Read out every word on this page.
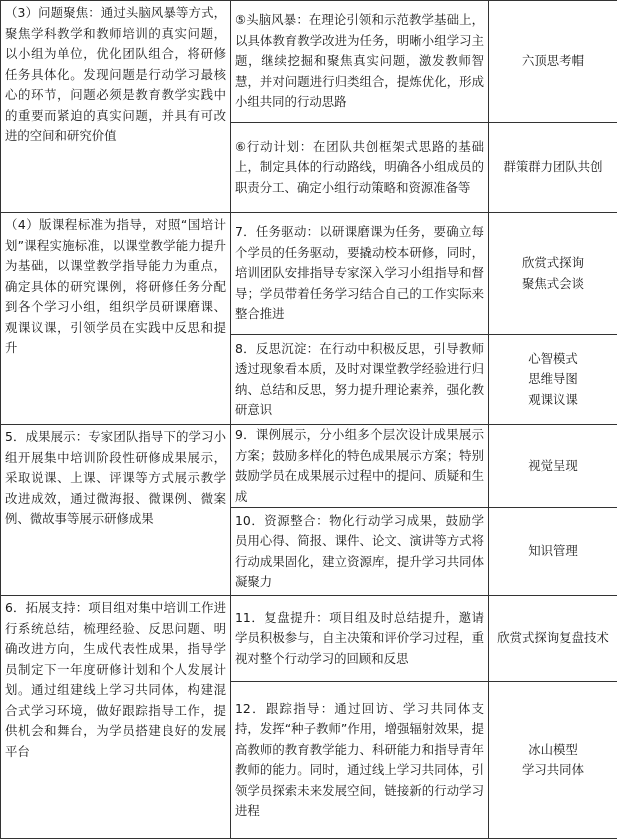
（3）问题聚焦：通过头脑风暴等方式，聚焦学科教学和教师培训的真实问题，以小组为单位，优化团队组合，将研修任务具体化。发现问题是行动学习最核心的环节，问题必须是教育教学实践中的重要而紧迫的真实问题，并具有可改进的空间和研究价值	⑤头脑风暴：在理论引领和示范教学基础上，以具体教育教学改进为任务，明晰小组学习主题，继续挖掘和聚焦真实问题，激发教师智慧，并对问题进行归类组合，提炼优化，形成小组共同的行动思路	六顶思考帽

	⑥行动计划：在团队共创框架式思路的基础上，制定具体的行动路线，明确各小组成员的职责分工、确定小组行动策略和资源准备等	群策群力团队共创

（4）版课程标准为指导，对照“国培计划”课程实施标准，以课堂教学能力提升为基础，以课堂教学指导能力为重点，确定具体的研究课例，将研修任务分配到各个学习小组，组织学员研课磨课、观课议课，引领学员在实践中反思和提升	7．任务驱动：以研课磨课为任务，要确立每个学员的任务驱动，要撬动校本研修，同时，培训团队安排指导专家深入学习小组指导和督导；学员带着任务学习结合自己的工作实际来整合推进	欣赏式探询
聚焦式会谈

	8．反思沉淀：在行动中积极反思，引导教师透过现象看本质，及时对课堂教学经验进行归纳、总结和反思，努力提升理论素养，强化教研意识	心智模式
思维导图
观课议课

5．成果展示：专家团队指导下的学习小组开展集中培训阶段性研修成果展示，采取说课、上课、评课等方式展示教学改进成效，通过微海报、微课例、微案例、微故事等展示研修成果	9．课例展示，分小组多个层次设计成果展示方案；鼓励多样化的特色成果展示方案；特别鼓励学员在成果展示过程中的提问、质疑和生成	视觉呈现

	10．资源整合：物化行动学习成果，鼓励学员用心得、简报、课件、论文、演讲等方式将行动成果固化，建立资源库，提升学习共同体凝聚力	知识管理

6．拓展支持：项目组对集中培训工作进行系统总结，梳理经验、反思问题、明确改进方向，生成代表性成果，指导学员制定下一年度研修计划和个人发展计划。通过组建线上学习共同体，构建混合式学习环境，做好跟踪指导工作，提供机会和舞台，为学员搭建良好的发展平台	11．复盘提升：项目组及时总结提升，邀请学员积极参与，自主决策和评价学习过程，重视对整个行动学习的回顾和反思	欣赏式探询复盘技术

	12．跟踪指导：通过回访、学习共同体支持，发挥“种子教师”作用，增强辐射效果，提高教师的教育教学能力、科研能力和指导青年教师的能力。同时，通过线上学习共同体，引领学员探索未来发展空间，链接新的行动学习进程	冰山模型
学习共同体
